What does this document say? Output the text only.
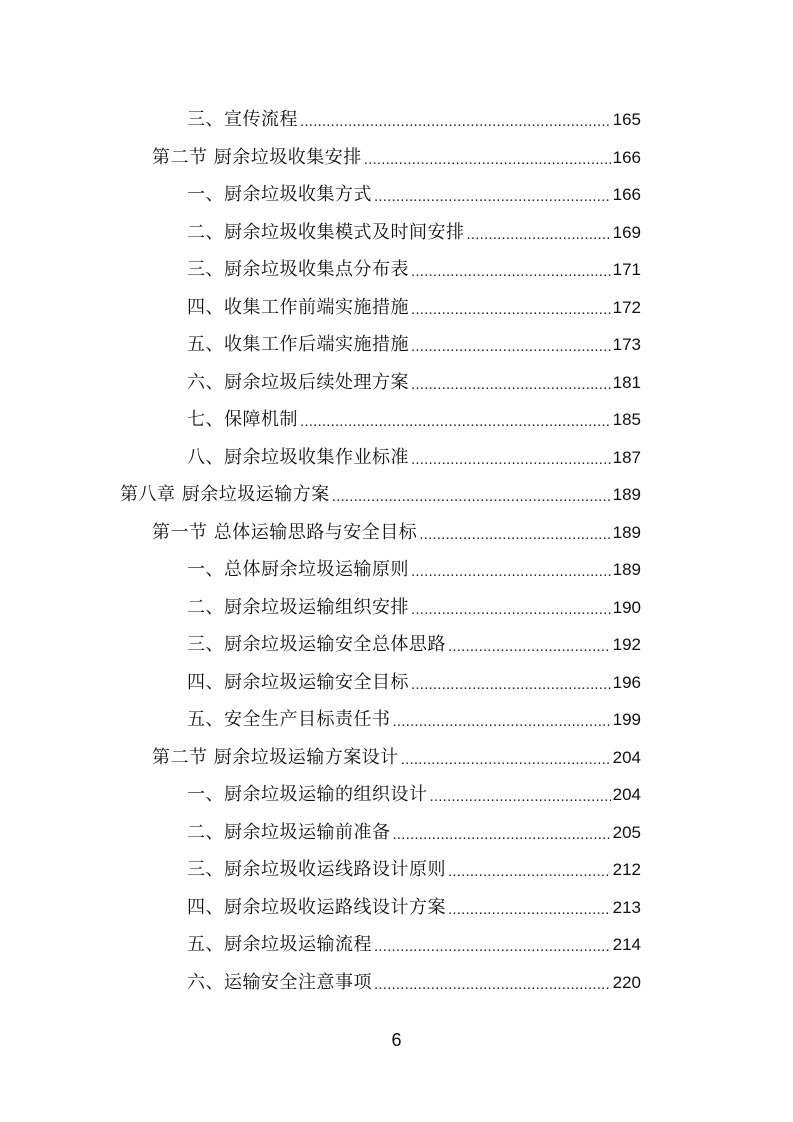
三、宣传流程 .....	165
第二节 厨余垃圾收集安排 .....	166
一、厨余垃圾收集方式 .....	166
二、厨余垃圾收集模式及时间安排 .....	169
三、厨余垃圾收集点分布表 .....	171
四、收集工作前端实施措施 .....	172
五、收集工作后端实施措施 .....	173
六、厨余垃圾后续处理方案 .....	181
七、保障机制 .....	185
八、厨余垃圾收集作业标准 .....	187
第八章 厨余垃圾运输方案 .....	189
第一节 总体运输思路与安全目标 .....	189
一、总体厨余垃圾运输原则 .....	189
二、厨余垃圾运输组织安排 .....	190
三、厨余垃圾运输安全总体思路 .....	192
四、厨余垃圾运输安全目标 .....	196
五、安全生产目标责任书 .....	199
第二节 厨余垃圾运输方案设计 .....	204
一、厨余垃圾运输的组织设计 .....	204
二、厨余垃圾运输前准备 .....	205
三、厨余垃圾收运线路设计原则 .....	212
四、厨余垃圾收运路线设计方案 .....	213
五、厨余垃圾运输流程 .....	214
六、运输安全注意事项 .....	220
6
